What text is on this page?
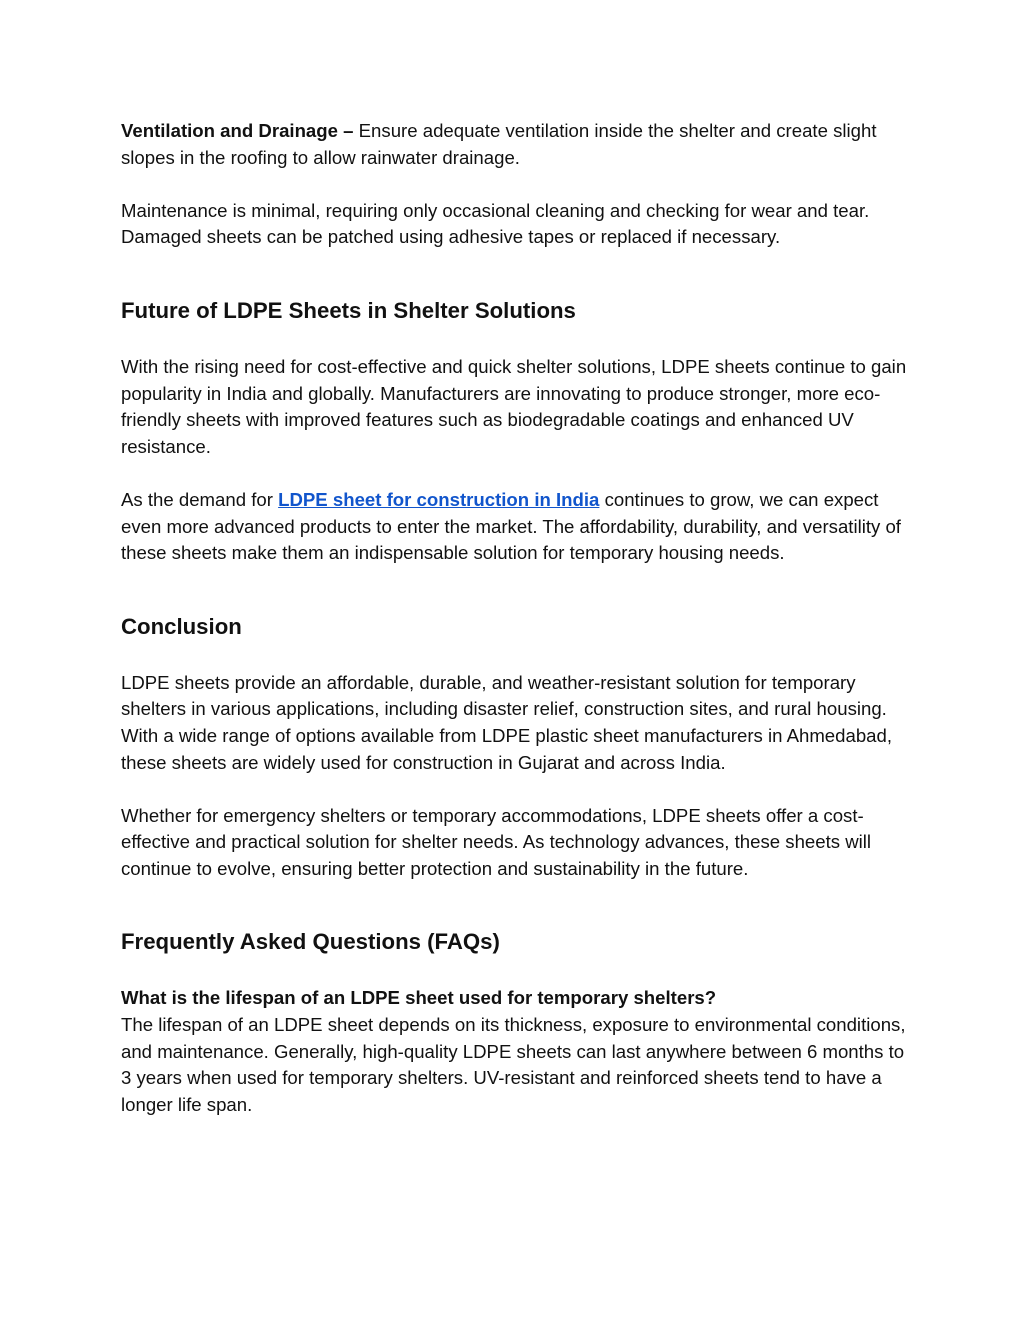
Ventilation and Drainage – Ensure adequate ventilation inside the shelter and create slight slopes in the roofing to allow rainwater drainage.

Maintenance is minimal, requiring only occasional cleaning and checking for wear and tear. Damaged sheets can be patched using adhesive tapes or replaced if necessary.

Future of LDPE Sheets in Shelter Solutions

With the rising need for cost-effective and quick shelter solutions, LDPE sheets continue to gain popularity in India and globally. Manufacturers are innovating to produce stronger, more eco-friendly sheets with improved features such as biodegradable coatings and enhanced UV resistance.

As the demand for LDPE sheet for construction in India continues to grow, we can expect even more advanced products to enter the market. The affordability, durability, and versatility of these sheets make them an indispensable solution for temporary housing needs.

Conclusion

LDPE sheets provide an affordable, durable, and weather-resistant solution for temporary shelters in various applications, including disaster relief, construction sites, and rural housing. With a wide range of options available from LDPE plastic sheet manufacturers in Ahmedabad, these sheets are widely used for construction in Gujarat and across India.

Whether for emergency shelters or temporary accommodations, LDPE sheets offer a cost-effective and practical solution for shelter needs. As technology advances, these sheets will continue to evolve, ensuring better protection and sustainability in the future.

Frequently Asked Questions (FAQs)
What is the lifespan of an LDPE sheet used for temporary shelters?

The lifespan of an LDPE sheet depends on its thickness, exposure to environmental conditions, and maintenance. Generally, high-quality LDPE sheets can last anywhere between 6 months to 3 years when used for temporary shelters. UV-resistant and reinforced sheets tend to have a longer life span.
